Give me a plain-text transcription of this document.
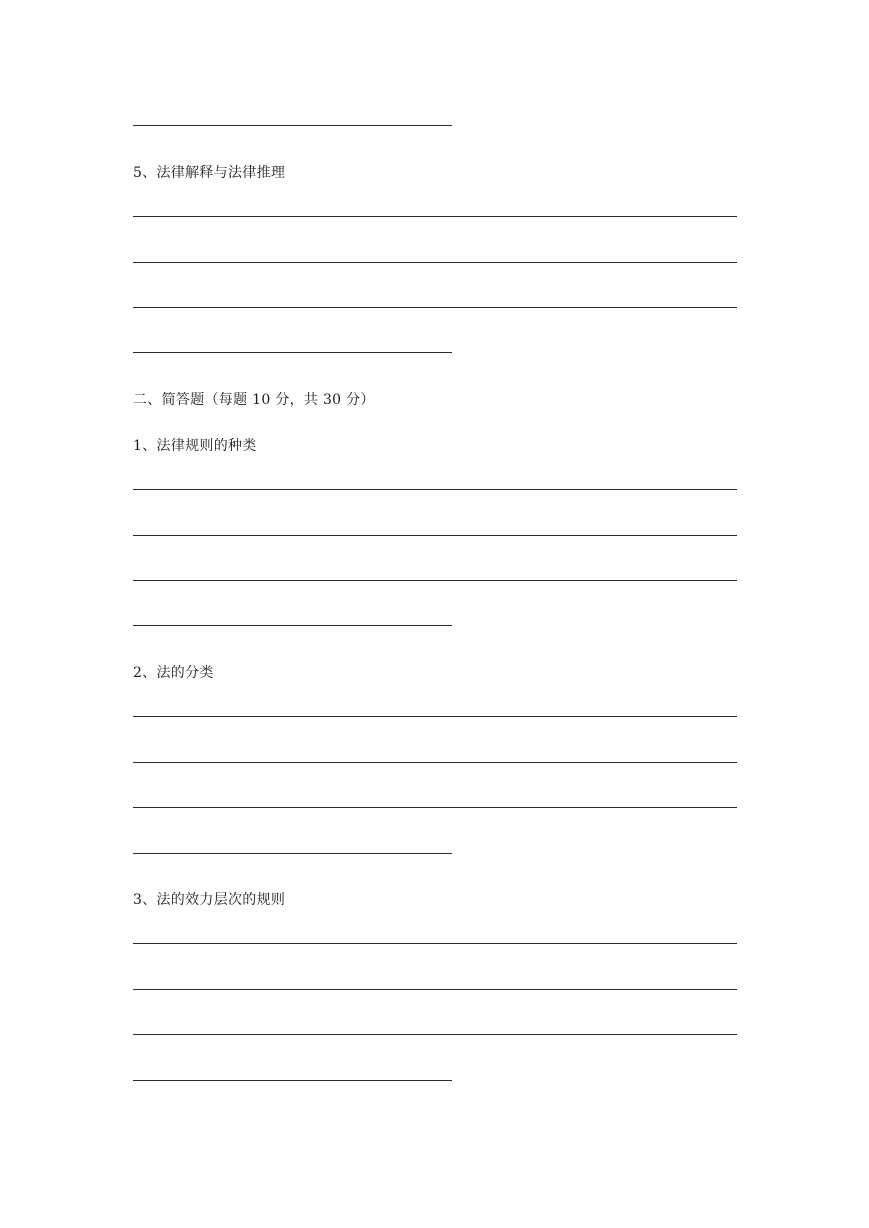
5、法律解释与法律推理
二、简答题（每题 10 分，共 30 分）
1、法律规则的种类
2、法的分类
3、法的效力层次的规则
